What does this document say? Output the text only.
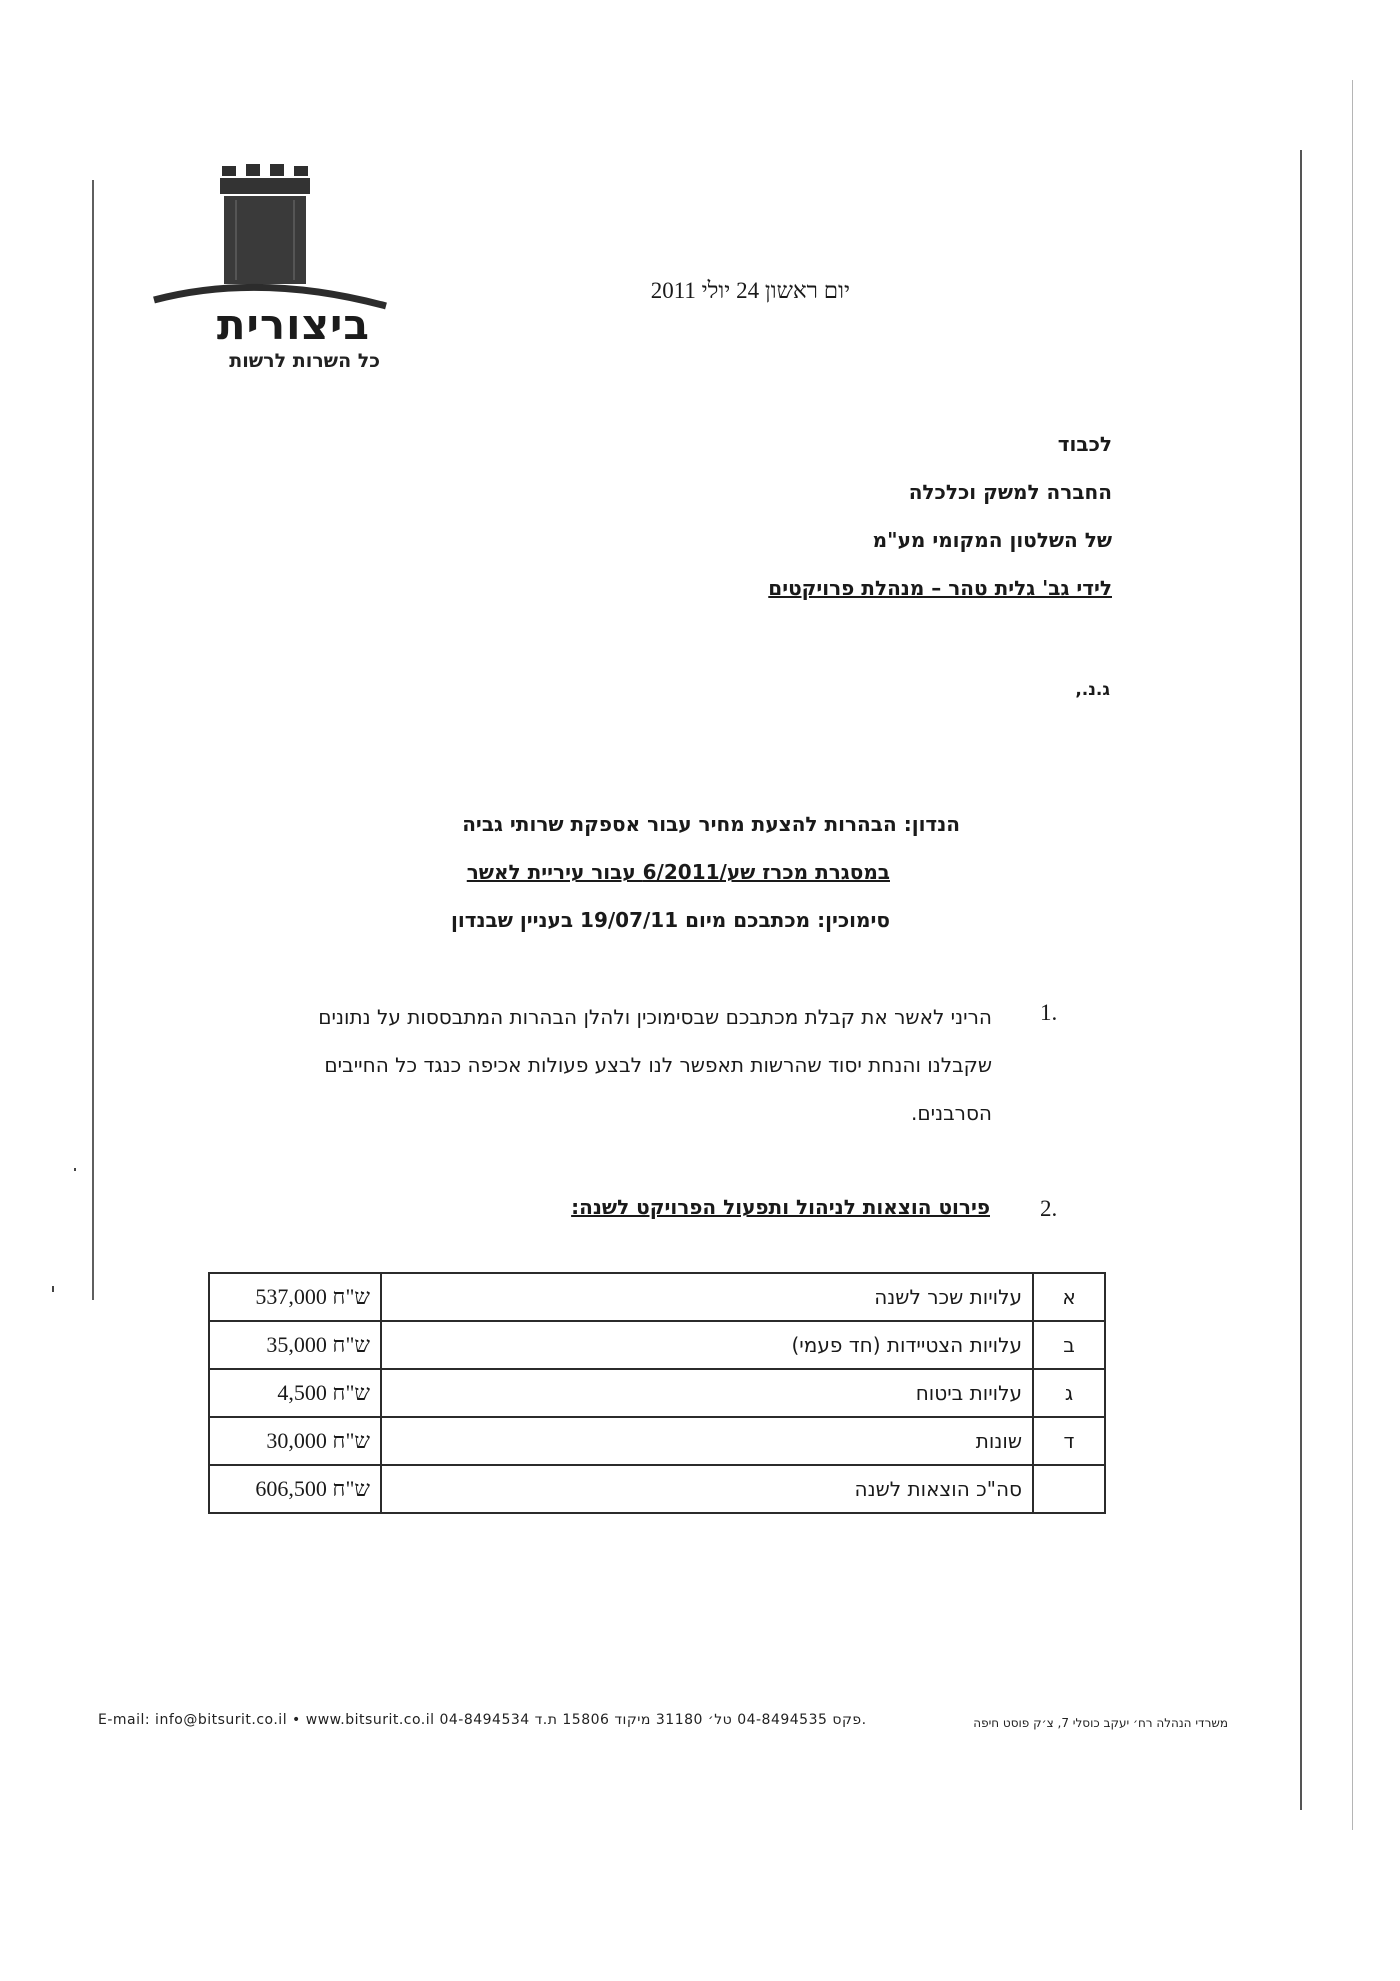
ביצורית
כל השרות לרשות
יום ראשון 24 יולי 2011
לכבוד
החברה למשק וכלכלה
של השלטון המקומי מע"מ
לידי גב' גלית טהר – מנהלת פרויקטים
ג.נ.,
הנדון: הבהרות להצעת מחיר עבור אספקת שרותי גביה
במסגרת מכרז שע/6/2011 עבור עיריית לאשר
סימוכין: מכתבכם מיום 19/07/11 בעניין שבנדון
1.
הריני לאשר את קבלת מכתבכם שבסימוכין ולהלן הבהרות המתבססות על נתונים שקבלנו והנחת יסוד שהרשות תאפשר לנו לבצע פעולות אכיפה כנגד כל החייבים הסרבנים.
2.
פירוט הוצאות לניהול ותפעול הפרויקט לשנה:
537,000 ש"ח	עלויות שכר לשנה	א
35,000 ש"ח	עלויות הצטיידות (חד פעמי)	ב
4,500 ש"ח	עלויות ביטוח	ג
30,000 ש"ח	שונות	ד
606,500 ש"ח	סה"כ הוצאות לשנה	
E-mail: info@bitsurit.co.il • www.bitsurit.co.il 04-8494534 פקס 04-8494535 טל׳ 31180 מיקוד 15806 ת.ד.	משרדי הנהלה רח׳ יעקב כוסלי 7, צ׳ק פוסט חיפה
